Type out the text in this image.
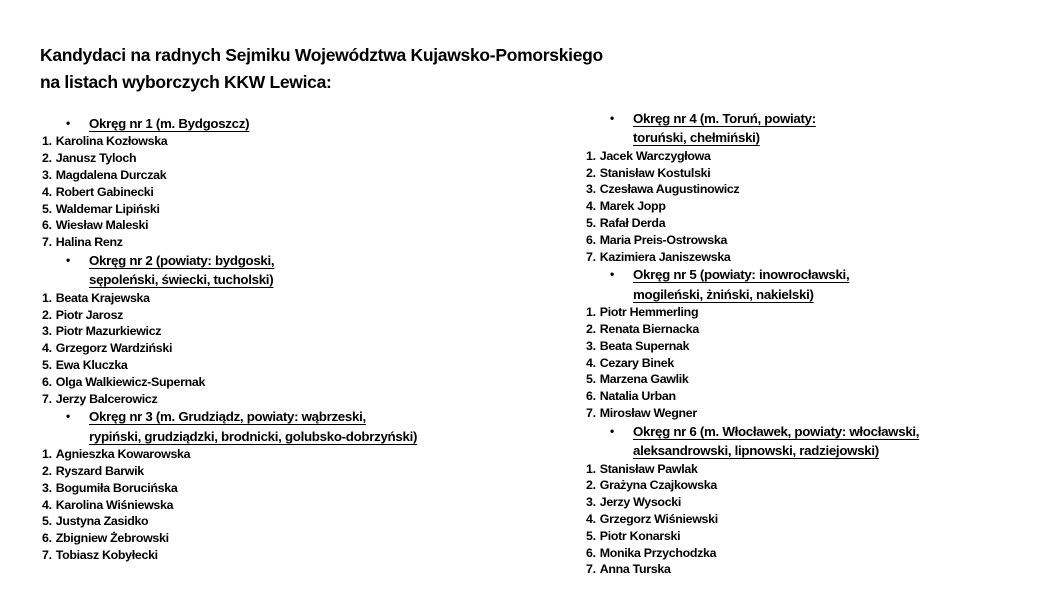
Kandydaci na radnych Sejmiku Województwa Kujawsko-Pomorskiego
na listach wyborczych KKW Lewica:
•	Okręg nr 1 (m. Bydgoszcz)
1. Karolina Kozłowska
2. Janusz Tyloch
3. Magdalena Durczak
4. Robert Gabinecki
5. Waldemar Lipiński
6. Wiesław Maleski
7. Halina Renz
•	Okręg nr 2 (powiaty: bydgoski,
sępoleński, świecki, tucholski)
1. Beata Krajewska
2. Piotr Jarosz
3. Piotr Mazurkiewicz
4. Grzegorz Wardziński
5. Ewa Kluczka
6. Olga Walkiewicz-Supernak
7. Jerzy Balcerowicz
•	Okręg nr 3 (m. Grudziądz, powiaty: wąbrzeski,
rypiński, grudziądzki, brodnicki, golubsko-dobrzyński)
1. Agnieszka Kowarowska
2. Ryszard Barwik
3. Bogumiła Borucińska
4. Karolina Wiśniewska
5. Justyna Zasidko
6. Zbigniew Żebrowski
7. Tobiasz Kobyłecki
•	Okręg nr 4 (m. Toruń, powiaty:
toruński, chełmiński)
1. Jacek Warczygłowa
2. Stanisław Kostulski
3. Czesława Augustinowicz
4. Marek Jopp
5. Rafał Derda
6. Maria Preis-Ostrowska
7. Kazimiera Janiszewska
•	Okręg nr 5 (powiaty: inowrocławski,
mogileński, żniński, nakielski)
1. Piotr Hemmerling
2. Renata Biernacka
3. Beata Supernak
4. Cezary Binek
5. Marzena Gawlik
6. Natalia Urban
7. Mirosław Wegner
•	Okręg nr 6 (m. Włocławek, powiaty: włocławski,
aleksandrowski, lipnowski, radziejowski)
1. Stanisław Pawlak
2. Grażyna Czajkowska
3. Jerzy Wysocki
4. Grzegorz Wiśniewski
5. Piotr Konarski
6. Monika Przychodzka
7. Anna Turska
